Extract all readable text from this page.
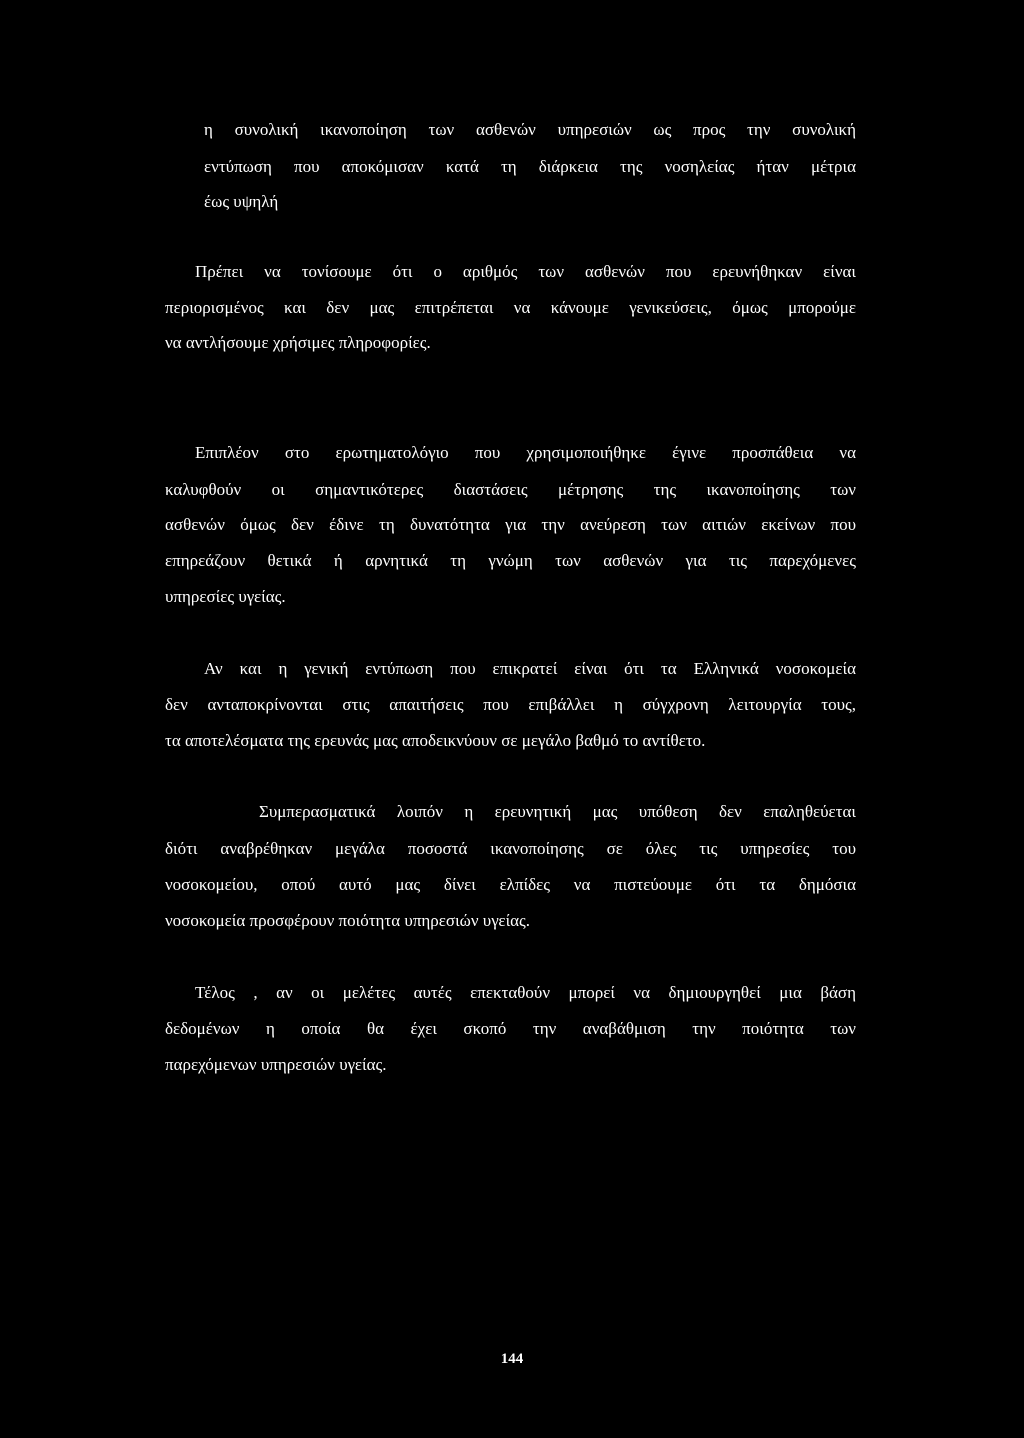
η συνολική ικανοποίηση των ασθενών υπηρεσιών ως προς την συνολική
εντύπωση που αποκόμισαν κατά τη διάρκεια της νοσηλείας ήταν μέτρια
έως υψηλή
Πρέπει να τονίσουμε ότι ο αριθμός των ασθενών που ερευνήθηκαν είναι
περιορισμένος και δεν μας επιτρέπεται να κάνουμε γενικεύσεις, όμως μπορούμε
να αντλήσουμε χρήσιμες πληροφορίες.
Επιπλέον στο ερωτηματολόγιο που χρησιμοποιήθηκε έγινε προσπάθεια να
καλυφθούν οι σημαντικότερες διαστάσεις μέτρησης της ικανοποίησης των
ασθενών όμως δεν έδινε τη δυνατότητα για την ανεύρεση των αιτιών εκείνων που
επηρεάζουν θετικά ή αρνητικά τη γνώμη των ασθενών για τις παρεχόμενες
υπηρεσίες υγείας.
Αν και η γενική εντύπωση που επικρατεί είναι ότι τα Ελληνικά νοσοκομεία
δεν ανταποκρίνονται στις απαιτήσεις που επιβάλλει η σύγχρονη λειτουργία τους,
τα αποτελέσματα της ερευνάς μας αποδεικνύουν σε μεγάλο βαθμό το αντίθετο.
Συμπερασματικά λοιπόν η ερευνητική μας υπόθεση δεν επαληθεύεται
διότι αναβρέθηκαν μεγάλα ποσοστά ικανοποίησης σε όλες τις υπηρεσίες του
νοσοκομείου, οπού αυτό μας δίνει ελπίδες να πιστεύουμε ότι τα δημόσια
νοσοκομεία προσφέρουν ποιότητα υπηρεσιών υγείας.
Τέλος , αν οι μελέτες αυτές επεκταθούν μπορεί να δημιουργηθεί μια βάση
δεδομένων η οποία θα έχει σκοπό την αναβάθμιση την ποιότητα των
παρεχόμενων υπηρεσιών υγείας.
144
